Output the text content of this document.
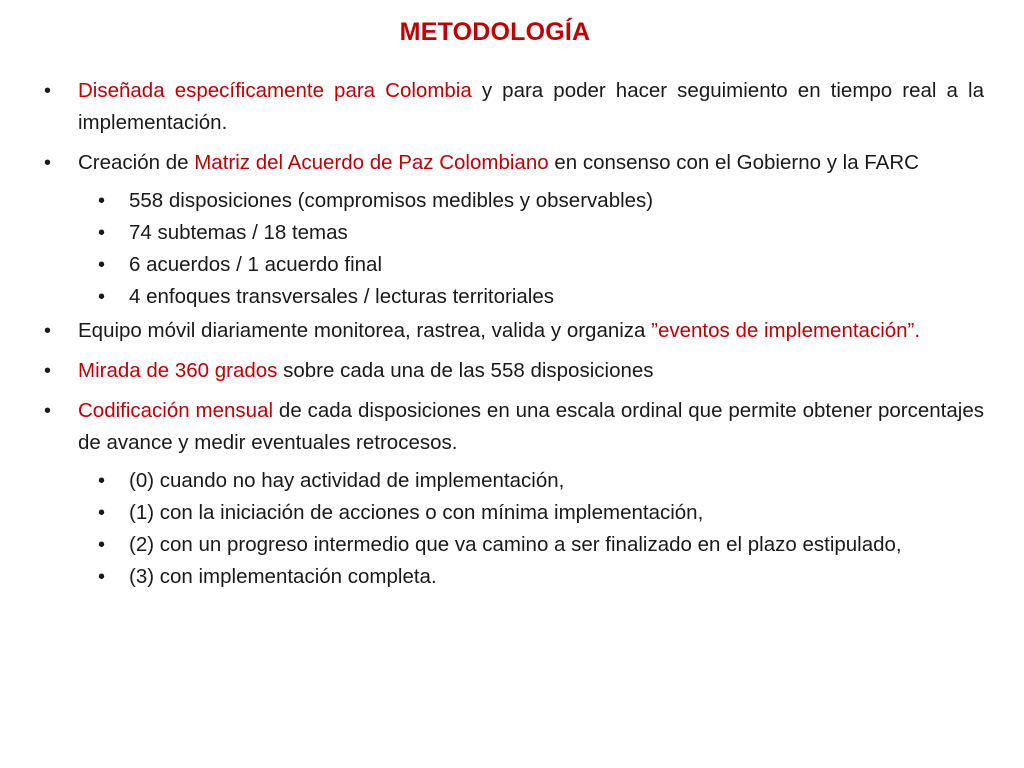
METODOLOGÍA
• Diseñada específicamente para Colombia y para poder hacer seguimiento en tiempo real a la implementación.
• Creación de Matriz del Acuerdo de Paz Colombiano en consenso con el Gobierno y la FARC
• 558 disposiciones (compromisos medibles y observables)
• 74 subtemas / 18 temas
• 6 acuerdos / 1 acuerdo final
• 4 enfoques transversales / lecturas territoriales
• Equipo móvil diariamente monitorea, rastrea, valida y organiza ”eventos de implementación”.
• Mirada de 360 grados sobre cada una de las 558 disposiciones
• Codificación mensual de cada disposiciones en una escala ordinal que permite obtener porcentajes de avance y medir eventuales retrocesos.
• (0) cuando no hay actividad de implementación,
• (1) con la iniciación de acciones o con mínima implementación,
• (2) con un progreso intermedio que va camino a ser finalizado en el plazo estipulado,
• (3) con implementación completa.
